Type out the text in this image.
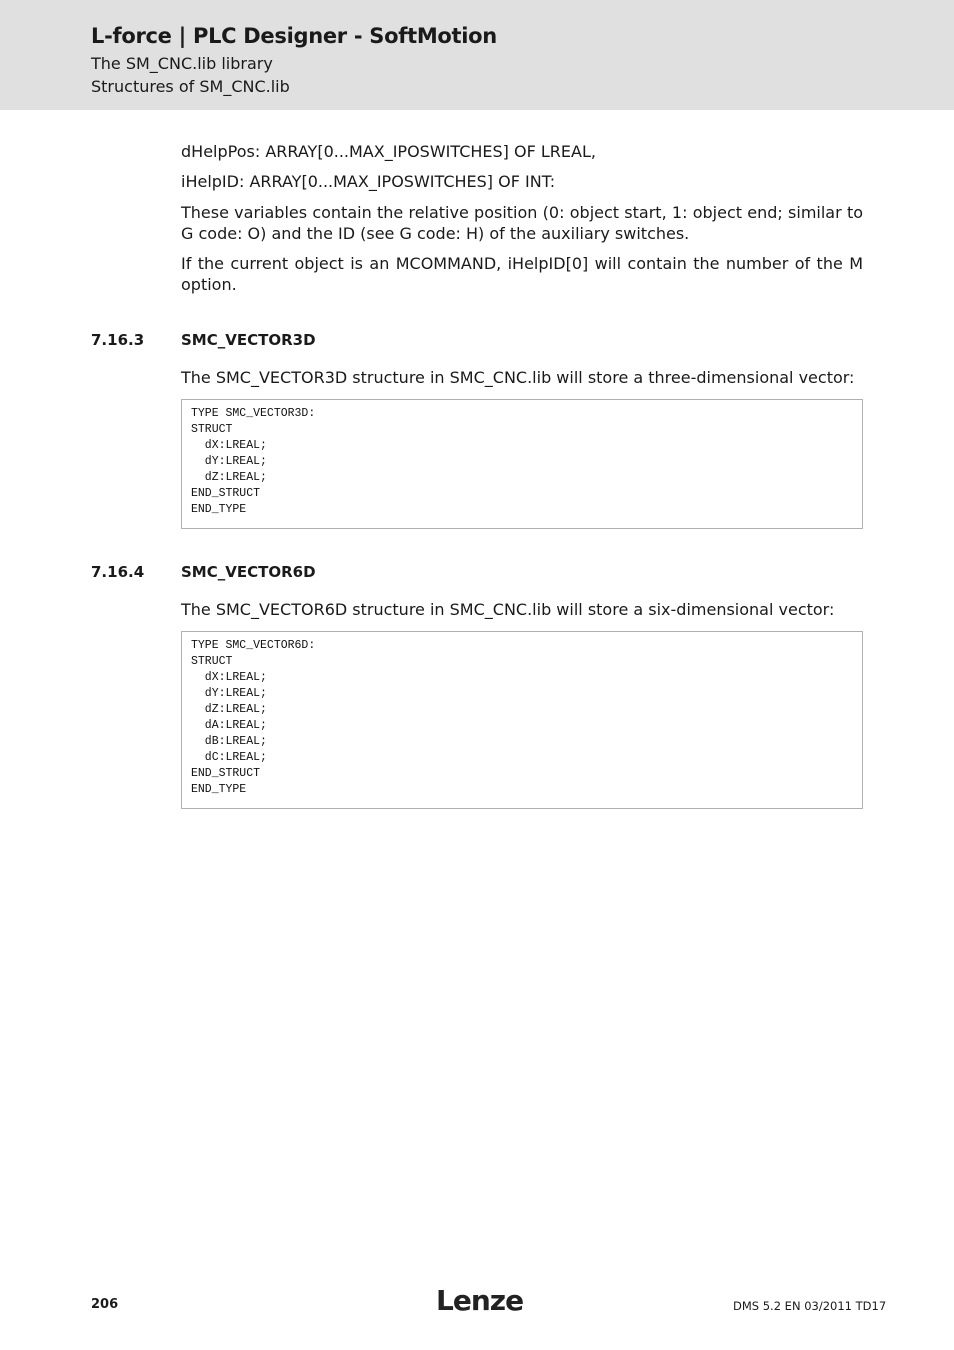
L-force | PLC Designer - SoftMotion
The SM_CNC.lib library
Structures of SM_CNC.lib

dHelpPos: ARRAY[0...MAX_IPOSWITCHES] OF LREAL,

iHelpID: ARRAY[0...MAX_IPOSWITCHES] OF INT:

These variables contain the relative position (0: object start, 1: object end; similar to G code: O) and the ID (see G code: H) of the auxiliary switches.

If the current object is an MCOMMAND, iHelpID[0] will contain the number of the M option.

7.16.3 SMC_VECTOR3D

The SMC_VECTOR3D structure in SMC_CNC.lib will store a three-dimensional vector:

TYPE SMC_VECTOR3D:
STRUCT
dX:LREAL;
dY:LREAL;
dZ:LREAL;
END_STRUCT
END_TYPE
7.16.4 SMC_VECTOR6D

The SMC_VECTOR6D structure in SMC_CNC.lib will store a six-dimensional vector:

TYPE SMC_VECTOR6D:
STRUCT
dX:LREAL;
dY:LREAL;
dZ:LREAL;
dA:LREAL;
dB:LREAL;
dC:LREAL;
END_STRUCT
END_TYPE
206	Lenze	DMS 5.2 EN 03/2011 TD17
